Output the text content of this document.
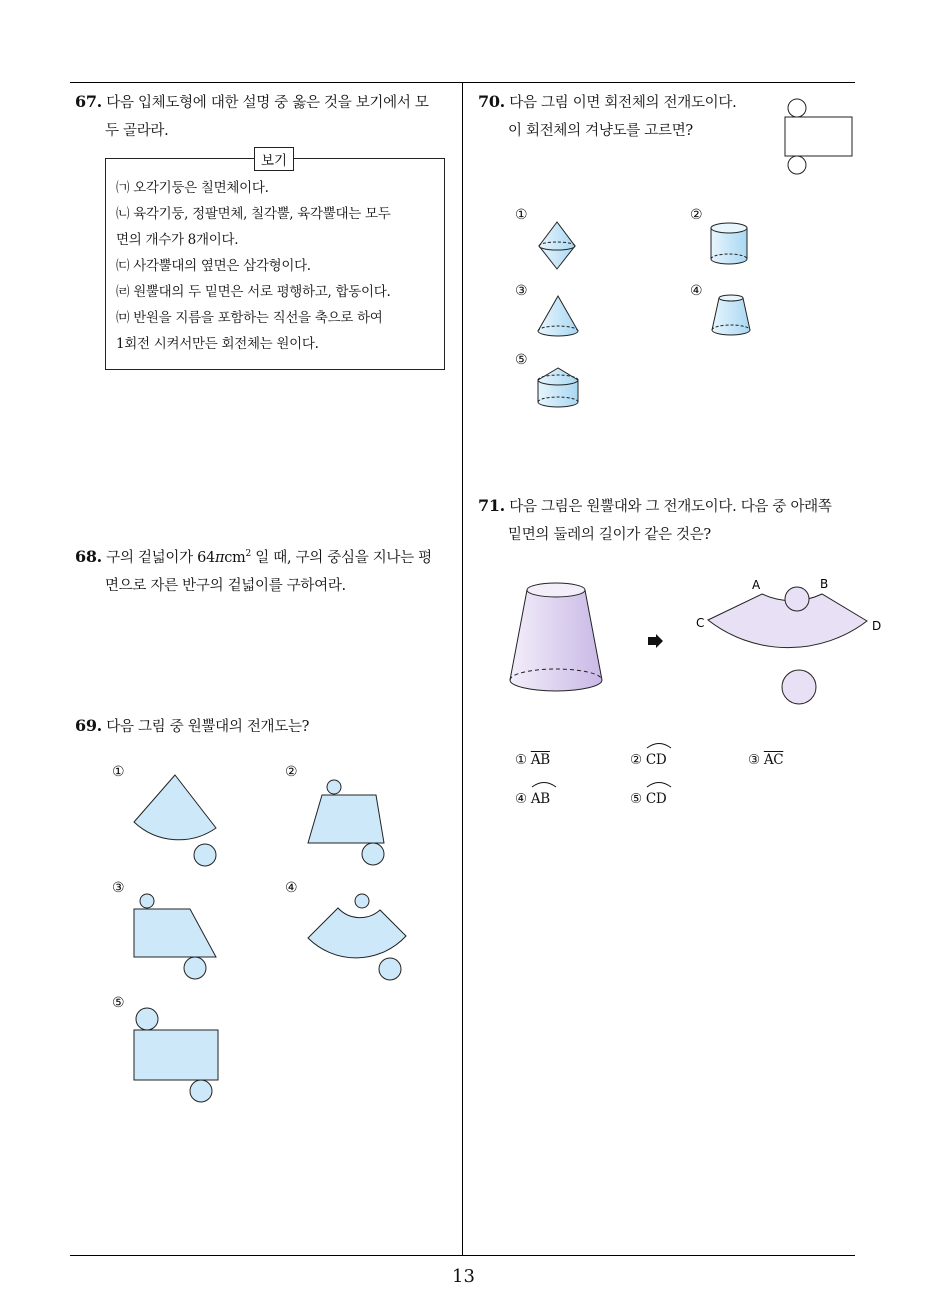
13
67. 다음 입체도형에 대한 설명 중 옳은 것을 보기에서 모
두 골라라.
보기
㈀ 오각기둥은 칠면체이다.
㈁ 육각기둥, 정팔면체, 칠각뿔, 육각뿔대는 모두
면의 개수가 8개이다.
㈂ 사각뿔대의 옆면은 삼각형이다.
㈃ 원뿔대의 두 밑면은 서로 평행하고, 합동이다.
㈄ 반원을 지름을 포함하는 직선을 축으로 하여
1회전 시켜서만든 회전체는 원이다.
68. 구의 겉넓이가 64πcm$^2$ 일 때, 구의 중심을 지나는 평
면으로 자른 반구의 겉넓이를 구하여라.
69. 다음 그림 중 원뿔대의 전개도는?
①	②
③	④
⑤
70. 다음 그림 이면 회전체의 전개도이다.
이 회전체의 겨냥도를 고르면?
①	②
③	④
⑤
71. 다음 그림은 원뿔대와 그 전개도이다. 다음 중 아래쪽
밑면의 둘레의 길이가 같은 것은?
A	B
C	D
① $\overline{AB}$	② CD	③ $\overline{AC}$
④ AB	⑤ CD
